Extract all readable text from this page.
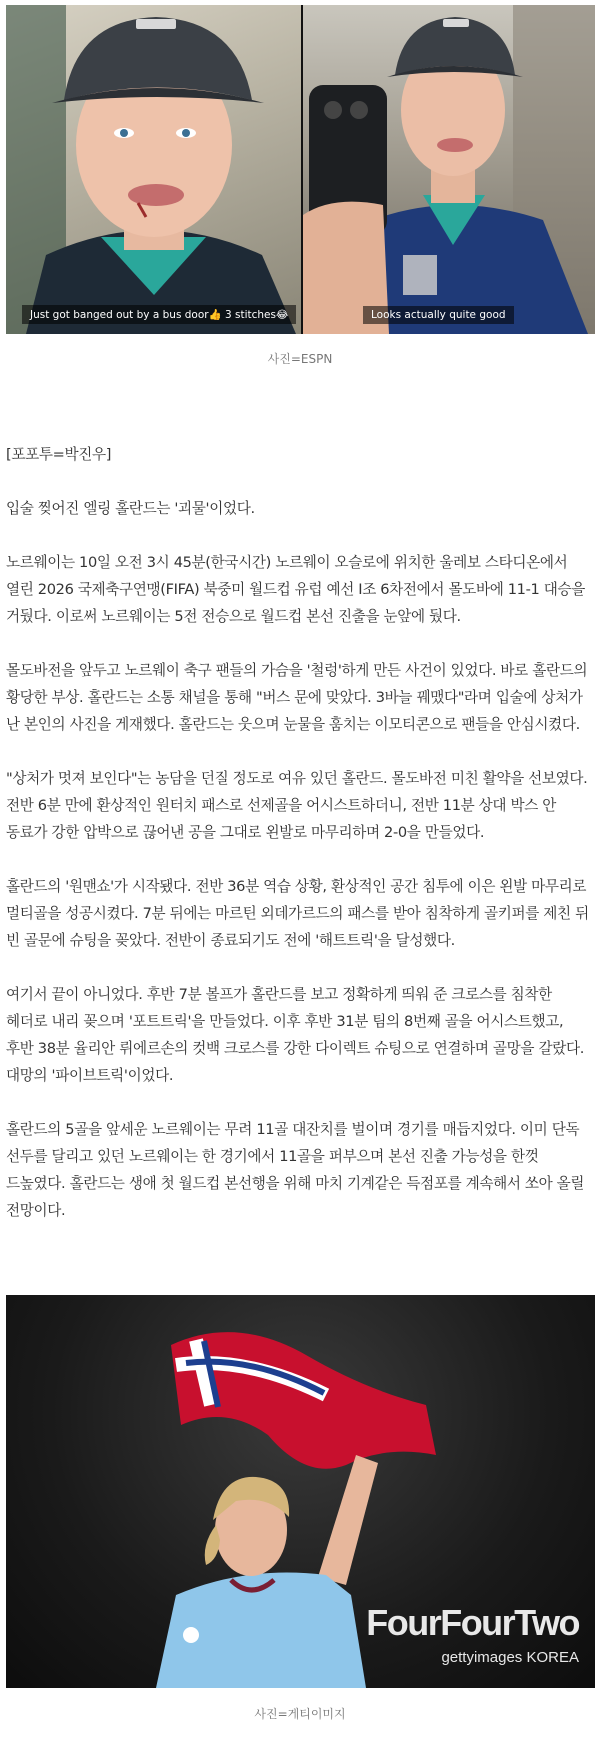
Just got banged out by a bus door👍 3 stitches😂	Looks actually quite good
사진=ESPN

[포포투=박진우]

입술 찢어진 엘링 홀란드는 '괴물'이었다.

노르웨이는 10일 오전 3시 45분(한국시간) 노르웨이 오슬로에 위치한 울레보 스타디온에서 열린 2026 국제축구연맹(FIFA) 북중미 월드컵 유럽 예선 I조 6차전에서 몰도바에 11-1 대승을 거뒀다. 이로써 노르웨이는 5전 전승으로 월드컵 본선 진출을 눈앞에 뒀다.

몰도바전을 앞두고 노르웨이 축구 팬들의 가슴을 '철렁'하게 만든 사건이 있었다. 바로 홀란드의 황당한 부상. 홀란드는 소통 채널을 통해 "버스 문에 맞았다. 3바늘 꿰맸다"라며 입술에 상처가 난 본인의 사진을 게재했다. 홀란드는 웃으며 눈물을 훔치는 이모티콘으로 팬들을 안심시켰다.

"상처가 멋져 보인다"는 농담을 던질 정도로 여유 있던 홀란드. 몰도바전 미친 활약을 선보였다. 전반 6분 만에 환상적인 원터치 패스로 선제골을 어시스트하더니, 전반 11분 상대 박스 안 동료가 강한 압박으로 끊어낸 공을 그대로 왼발로 마무리하며 2-0을 만들었다.

홀란드의 '원맨쇼'가 시작됐다. 전반 36분 역습 상황, 환상적인 공간 침투에 이은 왼발 마무리로 멀티골을 성공시켰다. 7분 뒤에는 마르틴 외데가르드의 패스를 받아 침착하게 골키퍼를 제친 뒤 빈 골문에 슈팅을 꽂았다. 전반이 종료되기도 전에 '해트트릭'을 달성했다.

여기서 끝이 아니었다. 후반 7분 볼프가 홀란드를 보고 정확하게 띄워 준 크로스를 침착한 헤더로 내리 꽂으며 '포트트릭'을 만들었다. 이후 후반 31분 팀의 8번째 골을 어시스트했고, 후반 38분 율리안 뤼에르손의 컷백 크로스를 강한 다이렉트 슈팅으로 연결하며 골망을 갈랐다. 대망의 '파이브트릭'이었다.

홀란드의 5골을 앞세운 노르웨이는 무려 11골 대잔치를 벌이며 경기를 매듭지었다. 이미 단독 선두를 달리고 있던 노르웨이는 한 경기에서 11골을 퍼부으며 본선 진출 가능성을 한껏 드높였다. 홀란드는 생애 첫 월드컵 본선행을 위해 마치 기계같은 득점포를 계속해서 쏘아 올릴 전망이다.

FourFourTwo
gettyimages KOREA
사진=게티이미지
